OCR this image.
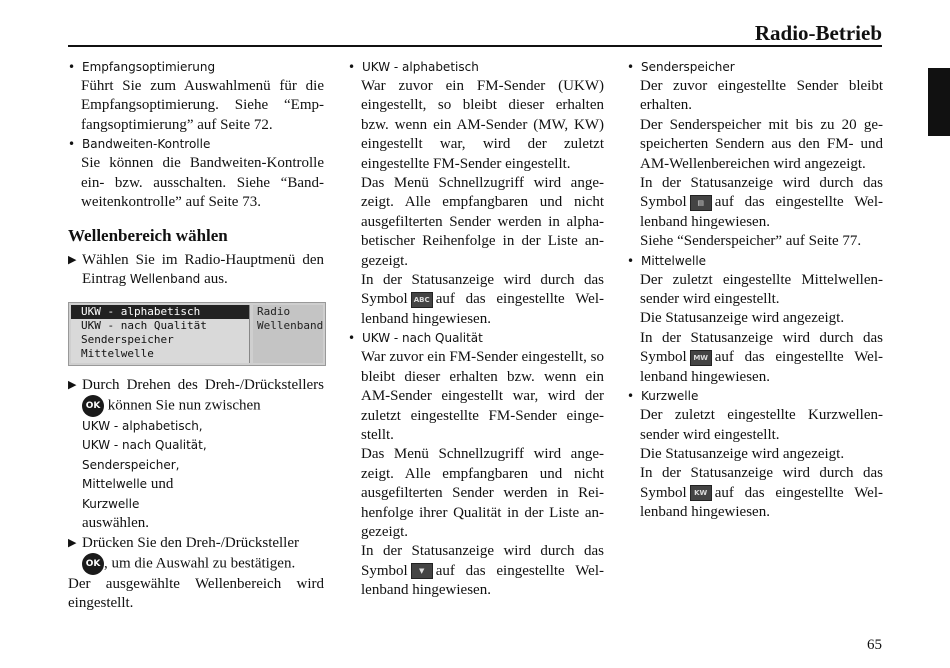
Radio-Betrieb
• Empfangsoptimierung
Führt Sie zum Auswahlmenü für die Empfangsoptimierung. Siehe “Empfangsoptimierung” auf Seite 72.
• Bandweiten-Kontrolle
Sie können die Bandweiten-Kontrolle ein- bzw. ausschalten. Siehe “Bandweitenkontrolle” auf Seite 73.
Wellenbereich wählen
▶ Wählen Sie im Radio-Hauptmenü den Eintrag Wellenband aus.
UKW - alphabetisch
UKW - nach Qualität
Senderspeicher
Mittelwelle
Radio
Wellenband
▶ Durch Drehen des Dreh-/Drückstellers OK können Sie nun zwischen
UKW - alphabetisch,
UKW - nach Qualität,
Senderspeicher,
Mittelwelle und
Kurzwelle
auswählen.
▶ Drücken Sie den Dreh-/Drücksteller
OK , um die Auswahl zu bestätigen.
Der ausgewählte Wellenbereich wird eingestellt.
• UKW - alphabetisch
War zuvor ein FM-Sender (UKW) eingestellt, so bleibt dieser erhalten bzw. wenn ein AM-Sender (MW, KW) eingestellt war, wird der zuletzt eingestellte FM-Sender eingestellt.
Das Menü Schnellzugriff wird angezeigt. Alle empfangbaren und nicht ausgefilterten Sender werden in alphabetischer Reihenfolge in der Liste angezeigt.
In der Statusanzeige wird durch das Symbol ABC auf das eingestellte Wellenband hingewiesen.
• UKW - nach Qualität
War zuvor ein FM-Sender eingestellt, so bleibt dieser erhalten bzw. wenn ein AM-Sender eingestellt war, wird der zuletzt eingestellte FM-Sender eingestellt.
Das Menü Schnellzugriff wird angezeigt. Alle empfangbaren und nicht ausgefilterten Sender werden in Reihenfolge ihrer Qualität in der Liste angezeigt.
In der Statusanzeige wird durch das Symbol ▼ auf das eingestellte Wellenband hingewiesen.
• Senderspeicher
Der zuvor eingestellte Sender bleibt erhalten.
Der Senderspeicher mit bis zu 20 gespeicherten Sendern aus den FM- und AM-Wellenbereichen wird angezeigt.
In der Statusanzeige wird durch das Symbol ▤ auf das eingestellte Wellenband hingewiesen.
Siehe “Senderspeicher” auf Seite 77.
• Mittelwelle
Der zuletzt eingestellte Mittelwellensender wird eingestellt.
Die Statusanzeige wird angezeigt.
In der Statusanzeige wird durch das Symbol MW auf das eingestellte Wellenband hingewiesen.
• Kurzwelle
Der zuletzt eingestellte Kurzwellensender wird eingestellt.
Die Statusanzeige wird angezeigt.
In der Statusanzeige wird durch das Symbol KW auf das eingestellte Wellenband hingewiesen.
65
